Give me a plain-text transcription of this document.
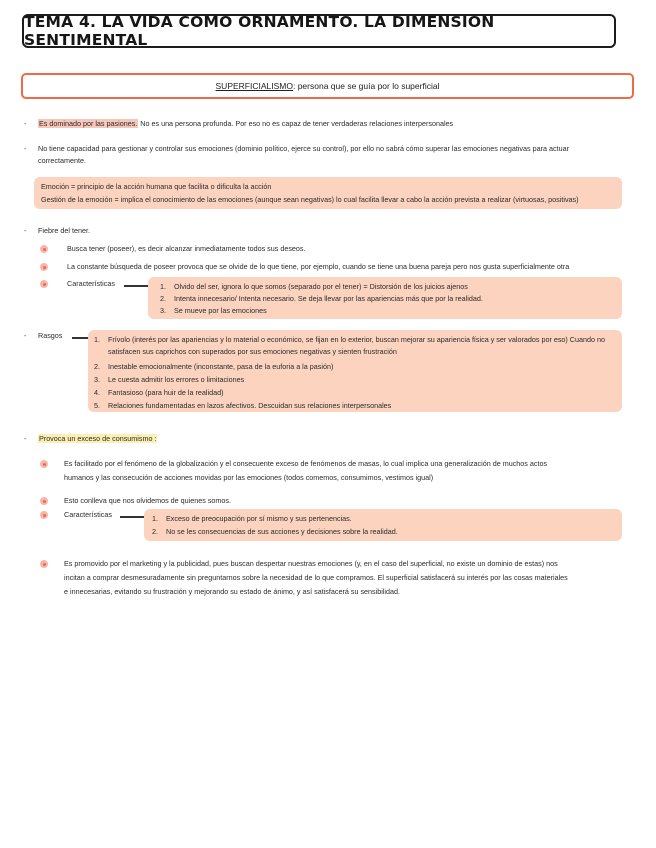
TEMA 4. LA VIDA COMO ORNAMENTO. LA DIMENSION SENTIMENTAL
SUPERFICIALISMO: persona que se guía por lo superficial
- Es dominado por las pasiones. No es una persona profunda. Por eso no es capaz de tener verdaderas relaciones interpersonales
- No tiene capacidad para gestionar y controlar sus emociones (dominio político, ejerce su control), por ello no sabrá cómo superar las emociones negativas para actuar
correctamente.
Emoción = principio de la acción humana que facilita o dificulta la acción
Gestión de la emoción = implica el conocimiento de las emociones (aunque sean negativas) lo cual facilita llevar a cabo la acción prevista a realizar (virtuosas, positivas)
- Fiebre del tener.
Busca tener (poseer), es decir alcanzar inmediatamente todos sus deseos.
La constante búsqueda de poseer provoca que se olvide de lo que tiene, por ejemplo, cuando se tiene una buena pareja pero nos gusta superficialmente otra
Características	1. Olvido del ser, ignora lo que somos (separado por el tener) = Distorsión de los juicios ajenos
2. Intenta innecesario/ Intenta necesario. Se deja llevar por las apariencias más que por la realidad.
3. Se mueve por las emociones
- Rasgos	1. Frívolo (interés por las apariencias y lo material o económico, se fijan en lo exterior, buscan mejorar su apariencia física y ser valorados por eso) Cuando no
satisfacen sus caprichos con superados por sus emociones negativas y sienten frustración
2. Inestable emocionalmente (inconstante, pasa de la euforia a la pasión)
3. Le cuesta admitir los errores o limitaciones
4. Fantasioso (para huir de la realidad)
5. Relaciones fundamentadas en lazos afectivos. Descuidan sus relaciones interpersonales
- Provoca un exceso de consumismo :
Es facilitado por el fenómeno de la globalización y el consecuente exceso de fenómenos de masas, lo cual implica una generalización de muchos actos
humanos y las consecución de acciones movidas por las emociones (todos comemos, consumimos, vestimos igual)
Esto conlleva que nos olvidemos de quienes somos.
Características	1. Exceso de preocupación por sí mismo y sus pertenencias.
2. No se les consecuencias de sus acciones y decisiones sobre la realidad.
Es promovido por el marketing y la publicidad, pues buscan despertar nuestras emociones (y, en el caso del superficial, no existe un dominio de estas) nos
incitan a comprar desmesuradamente sin preguntarnos sobre la necesidad de lo que compramos. El superficial satisfacerá su interés por las cosas materiales
e innecesarias, evitando su frustración y mejorando su estado de ánimo, y así satisfacerá su sensibilidad.
